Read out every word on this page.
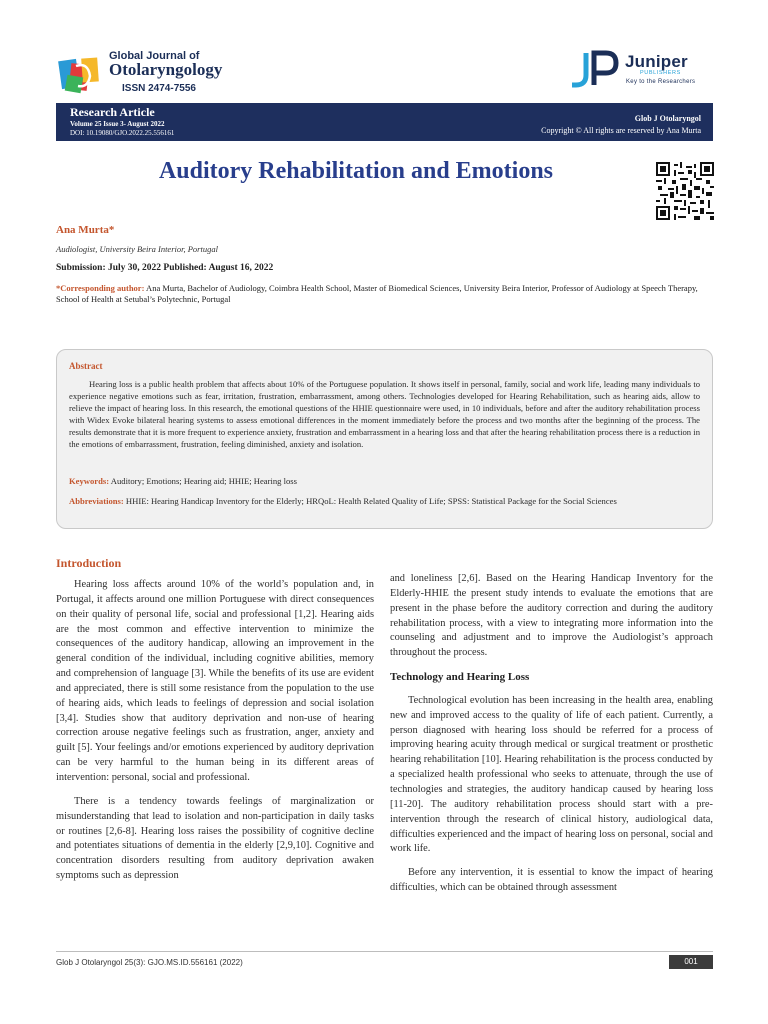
Global Journal of
Otolaryngology
ISSN 2474-7556
Juniper
PUBLISHERS
Key to the Researchers
Research Article
Volume 25 Issue 3- August 2022
DOI: 10.19080/GJO.2022.25.556161
Glob J Otolaryngol
Copyright © All rights are reserved by Ana Murta
Auditory Rehabilitation and Emotions
Ana Murta*
Audiologist, University Beira Interior, Portugal
Submission: July 30, 2022 Published: August 16, 2022
*Corresponding author: Ana Murta, Bachelor of Audiology, Coimbra Health School, Master of Biomedical Sciences, University Beira Interior, Professor of Audiology at Speech Therapy, School of Health at Setubal’s Polytechnic, Portugal
Abstract
Hearing loss is a public health problem that affects about 10% of the Portuguese population. It shows itself in personal, family, social and work life, leading many individuals to experience negative emotions such as fear, irritation, frustration, embarrassment, among others. Technologies developed for Hearing Rehabilitation, such as hearing aids, allow to relieve the impact of hearing loss. In this research, the emotional questions of the HHIE questionnaire were used, in 10 individuals, before and after the auditory rehabilitation process with Widex Evoke bilateral hearing systems to assess emotional differences in the moment immediately before the process and two months after the beginning of the process. The results demonstrate that it is more frequent to experience anxiety, frustration and embarrassment in a hearing loss and that after the hearing rehabilitation process there is a reduction in the emotions of embarrassment, frustration, feeling diminished, anxiety and isolation.
Keywords: Auditory; Emotions; Hearing aid; HHIE; Hearing loss
Abbreviations: HHIE: Hearing Handicap Inventory for the Elderly; HRQoL: Health Related Quality of Life; SPSS: Statistical Package for the Social Sciences
Introduction

Hearing loss affects around 10% of the world’s population and, in Portugal, it affects around one million Portuguese with direct consequences on their quality of personal life, social and professional [1,2]. Hearing aids are the most common and effective intervention to minimize the consequences of the auditory handicap, allowing an improvement in the general condition of the individual, including cognitive abilities, memory and comprehension of language [3]. While the benefits of its use are evident and appreciated, there is still some resistance from the population to the use of hearing aids, which leads to feelings of depression and social isolation [3,4]. Studies show that auditory deprivation and non-use of hearing correction arouse negative feelings such as frustration, anger, anxiety and guilt [5]. Your feelings and/or emotions experienced by auditory deprivation can be very harmful to the human being in its different areas of intervention: personal, social and professional.

There is a tendency towards feelings of marginalization or misunderstanding that lead to isolation and non-participation in daily tasks or routines [2,6-8]. Hearing loss raises the possibility of cognitive decline and potentiates situations of dementia in the elderly [2,9,10]. Cognitive and concentration disorders resulting from auditory deprivation awaken symptoms such as depression

and loneliness [2,6]. Based on the Hearing Handicap Inventory for the Elderly-HHIE the present study intends to evaluate the emotions that are present in the phase before the auditory correction and during the auditory rehabilitation process, with a view to integrating more information into the counseling and adjustment and to improve the Audiologist’s approach throughout the process.

Technology and Hearing Loss

Technological evolution has been increasing in the health area, enabling new and improved access to the quality of life of each patient. Currently, a person diagnosed with hearing loss should be referred for a process of improving hearing acuity through medical or surgical treatment or prosthetic hearing rehabilitation [10]. Hearing rehabilitation is the process conducted by a specialized health professional who seeks to attenuate, through the use of technologies and strategies, the auditory handicap caused by hearing loss [11-20]. The auditory rehabilitation process should start with a pre-intervention through the research of clinical history, audiological data, difficulties experienced and the impact of hearing loss on personal, social and work life.

Before any intervention, it is essential to know the impact of hearing difficulties, which can be obtained through assessment

Glob J Otolaryngol 25(3): GJO.MS.ID.556161 (2022)	001
